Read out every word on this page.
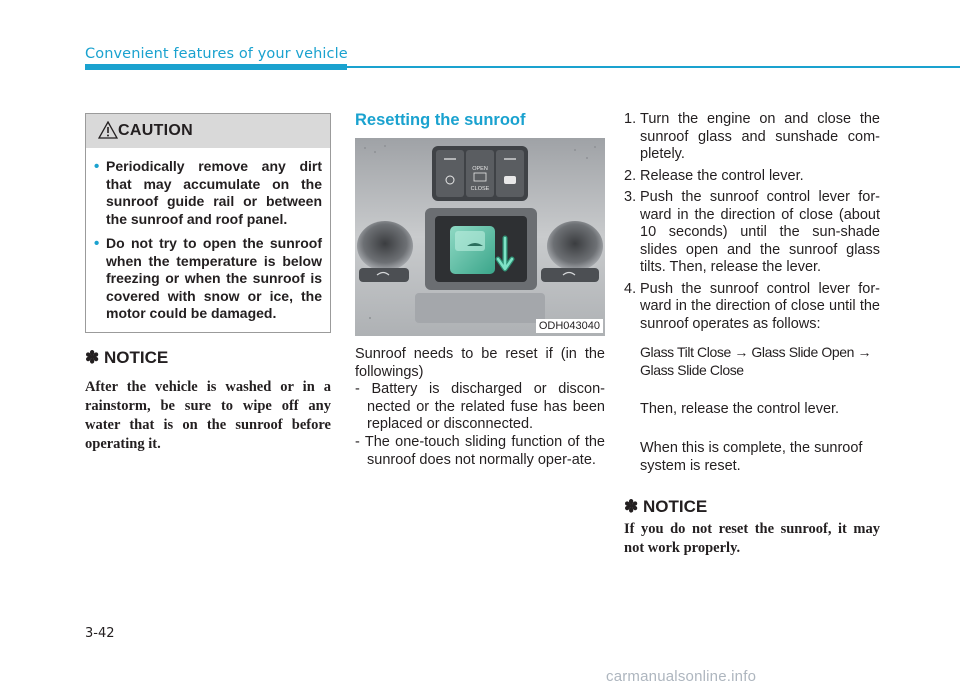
Convenient features of your vehicle
CAUTION
• Periodically remove any dirt that may accumulate on the sunroof guide rail or between the sunroof and roof panel.
• Do not try to open the sunroof when the temperature is below freezing or when the sunroof is covered with snow or ice, the motor could be damaged.
✽ NOTICE
After the vehicle is washed or in a rainstorm, be sure to wipe off any water that is on the sunroof before operating it.
Resetting the sunroof
OPEN
CLOSE
ODH043040
Sunroof needs to be reset if (in the followings)
- Battery is discharged or discon-nected or the related fuse has been replaced or disconnected.
- The one-touch sliding function of the sunroof does not normally oper-ate.
1. Turn the engine on and close the sunroof glass and sunshade com-pletely.
2. Release the control lever.
3. Push the sunroof control lever for-ward in the direction of close (about 10 seconds) until the sun-shade slides open and the sunroof glass tilts. Then, release the lever.
4. Push the sunroof control lever for-ward in the direction of close until the sunroof operates as follows:
Glass Tilt Close → Glass Slide Open → Glass Slide Close
Then, release the control lever.
When this is complete, the sunroof system is reset.
✽ NOTICE
If you do not reset the sunroof, it may not work properly.
3-42
carmanualsonline.info
